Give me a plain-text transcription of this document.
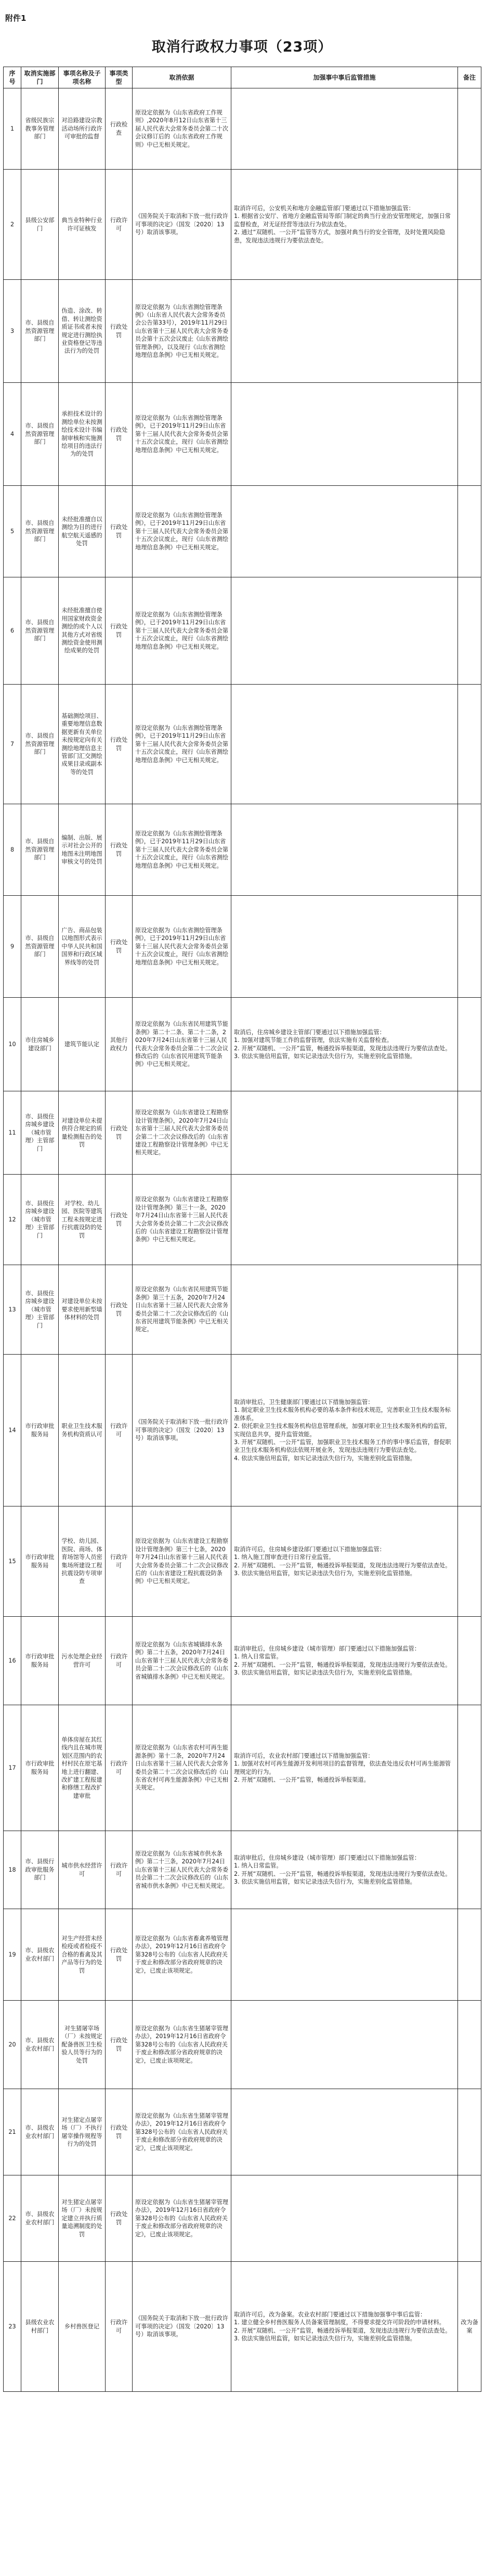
附件1
取消行政权力事项（23项）
序号	取消实施部门	事项名称及子项名称	事项类型	取消依据	加强事中事后监管措施	备注
1	省级民族宗教事务管理部门	对沿路建设宗教活动场所行政许可审批的监督	行政检查	原设定依据为《山东省政府工作规则》,2020年8月12日山东省第十三届人民代表大会常务委员会第二十次会议修订后的《山东省政府工作规则》中已无相关规定。		
2	县级公安部门	典当业特种行业许可证核发	行政许可	《国务院关于取消和下放一批行政许可事项的决定》（国发〔2020〕13号）取消该事项。	取消许可后，公安机关和地方金融监管部门要通过以下措施加强监管：
1. 根据省公安厅、省地方金融监管局等部门制定的典当行业治安管理规定，加强日常监督检查，对无证经营等违法行为依法查处。
2. 通过“双随机、一公开”监管等方式，加强对典当行的安全管理，及时处置风险隐患，发现违法违规行为要依法查处。	
3	市、县级自然资源管理部门	伪造、涂改、转借、转让测绘资质证书或者未按规定进行测绘执业资格登记等违法行为的处罚	行政处罚	原设定依据为《山东省测绘管理条例》（山东省人民代表大会常务委员会公告第33号），2019年11月29日山东省第十三届人民代表大会常务委员会第十五次会议废止《山东省测绘管理条例》，以及现行《山东省测绘地理信息条例》中已无相关规定。		
4	市、县级自然资源管理部门	承担技术设计的测绘单位未按测绘技术设计书编制审核和实施测绘项目的违法行为的处罚	行政处罚	原设定依据为《山东省测绘管理条例》，已于2019年11月29日山东省第十三届人民代表大会常务委员会第十五次会议废止，现行《山东省测绘地理信息条例》中已无相关规定。		
5	市、县级自然资源管理部门	未经批准擅自以测绘为目的进行航空航天遥感的处罚	行政处罚	原设定依据为《山东省测绘管理条例》，已于2019年11月29日山东省第十三届人民代表大会常务委员会第十五次会议废止，现行《山东省测绘地理信息条例》中已无相关规定。		
6	市、县级自然资源管理部门	未经批准擅自使用国家财政资金测绘的或个人以其他方式对省级测绘资金使用测绘成果的处罚	行政处罚	原设定依据为《山东省测绘管理条例》，已于2019年11月29日山东省第十三届人民代表大会常务委员会第十五次会议废止，现行《山东省测绘地理信息条例》中已无相关规定。		
7	市、县级自然资源管理部门	基础测绘项目、重要地理信息数据更新有关单位未按规定向有关测绘地理信息主管部门汇交测绘成果目录或副本等的处罚	行政处罚	原设定依据为《山东省测绘管理条例》，已于2019年11月29日山东省第十三届人民代表大会常务委员会第十五次会议废止，现行《山东省测绘地理信息条例》中已无相关规定。		
8	市、县级自然资源管理部门	编制、出版、展示对社会公开的地图未注明地图审核文号的处罚	行政处罚	原设定依据为《山东省测绘管理条例》，已于2019年11月29日山东省第十三届人民代表大会常务委员会第十五次会议废止，现行《山东省测绘地理信息条例》中已无相关规定。		
9	市、县级自然资源管理部门	广告、商品包装以地图形式表示中华人民共和国国界和行政区域界线等的处罚	行政处罚	原设定依据为《山东省测绘管理条例》，已于2019年11月29日山东省第十三届人民代表大会常务委员会第十五次会议废止，现行《山东省测绘地理信息条例》中已无相关规定。		
10	市住房城乡建设部门	建筑节能认定	其他行政权力	原设定依据为《山东省民用建筑节能条例》第二十二条、第二十二条，2020年7月24日山东省第十三届人民代表大会常务委员会第二十二次会议修改后的《山东省民用建筑节能条例》中已无相关规定。	取消后，住房城乡建设主管部门要通过以下措施加强监管：
1. 加强对建筑节能工作的监督管理，依法实施有关监督检查。
2. 开展“双随机、一公开”监管，畅通投诉举报渠道，发现违法违规行为要依法查处。
3. 依法实施信用监管，如实记录违法失信行为，实施差别化监管措施。	
11	市、县级住房城乡建设（城市管理）主管部门	对建设单位未提供符合规定的质量检测报告的处罚	行政处罚	原设定依据为《山东省建设工程勘察设计管理条例》，2020年7月24日山东省第十三届人民代表大会常务委员会第二十二次会议修改后的《山东省建设工程勘察设计管理条例》中已无相关规定。		
12	市、县级住房城乡建设（城市管理）主管部门	对学校、幼儿园、医院等建筑工程未按规定进行抗震设防的处罚	行政处罚	原设定依据为《山东省建设工程勘察设计管理条例》第三十一条，2020年7月24日山东省第十三届人民代表大会常务委员会第二十二次会议修改后的《山东省建设工程勘察设计管理条例》中已无相关规定。		
13	市、县级住房城乡建设（城市管理）主管部门	对建设单位未按要求使用新型墙体材料的处罚	行政处罚	原设定依据为《山东省民用建筑节能条例》第三十五条，2020年7月24日山东省第十三届人民代表大会常务委员会第二十二次会议修改后的《山东省民用建筑节能条例》中已无相关规定。		
14	市行政审批服务局	职业卫生技术服务机构资质认可	行政许可	《国务院关于取消和下放一批行政许可事项的决定》（国发〔2020〕13号）取消该事项。	取消审批后，卫生健康部门要通过以下措施加强监管：
1. 制定职业卫生技术服务机构必要的基本条件和技术规范，完善职业卫生技术服务标准体系。
2. 依托职业卫生技术服务机构信息管理系统，加强对职业卫生技术服务机构的监管，实现信息共享，提升监管效能。
3. 开展“双随机、一公开”监管，加强职业卫生技术服务工作的事中事后监管，督促职业卫生技术服务机构依法依规开展业务，发现违法违规行为要依法查处。
4. 依法实施信用监管，如实记录违法失信行为，实施差别化监管措施。	
15	市行政审批服务局	学校、幼儿园、医院、商场、体育场馆等人员密集场所建设工程抗震设防专项审查	行政许可	原设定依据为《山东省建设工程勘察设计管理条例》第三十七条，2020年7月24日山东省第十三届人民代表大会常务委员会第二十二次会议修改后的《山东省建设工程抗震设防条例》中已无相关规定。	取消许可后，住房城乡建设部门要通过以下措施加强监管：
1. 纳入施工图审查进行日常行业监管。
2. 开展“双随机、一公开”监管，畅通投诉举报渠道，发现违法违规行为要依法查处。
3. 依法实施信用监管，如实记录违法失信行为，实施差别化监管措施。	
16	市行政审批服务局	污水处理企业经营许可	行政许可	原设定依据为《山东省城镇排水条例》第二十五条，2020年7月24日山东省第十三届人民代表大会常务委员会第二十二次会议修改后的《山东省城镇排水条例》中已无相关规定。	取消审批后，住房城乡建设（城市管理）部门要通过以下措施加强监管：
1. 纳入日常监管。
2. 开展“双随机、一公开”监管，畅通投诉举报渠道，发现违法违规行为要依法查处。
3. 依法实施信用监管，如实记录违法失信行为，实施差别化监管措施。	
17	市行政审批服务局	单体房屋在其红线内且在城市规划区范围内的农村村民在原宅基地上进行翻建、改扩建工程报建和修缮工程改扩建审批	行政许可	原设定依据为《山东省农村可再生能源条例》第十二条，2020年7月24日山东省第十三届人民代表大会常务委员会第二十二次会议修改后的《山东省农村可再生能源条例》中已无相关规定。	取消许可后，农业农村部门要通过以下措施加强监管：
1. 加强对农村可再生能源开发利用项目的监督管理，依法查处违反农村可再生能源管理规定的行为。
2. 开展“双随机、一公开”监管，畅通投诉举报渠道。	
18	市、县级行政审批服务部门	城市供水经营许可	行政许可	原设定依据为《山东省城市供水条例》第二十三条，2020年7月24日山东省第十三届人民代表大会常务委员会第二十二次会议修改后的《山东省城市供水条例》中已无相关规定。	取消审批后，住房城乡建设（城市管理）部门要通过以下措施加强监管：
1. 纳入日常监管。
2. 开展“双随机、一公开”监管，畅通投诉举报渠道，发现违法违规行为要依法查处。
3. 依法实施信用监管，如实记录违法失信行为，实施差别化监管措施。	
19	市、县级农业农村部门	对生产经营未经检疫或者检疫不合格的畜禽及其产品等行为的处罚	行政处罚	原设定依据为《山东省畜禽养殖管理办法》，2019年12月16日省政府令第328号公布的《山东省人民政府关于废止和修改部分省政府规章的决定》，已废止该项规定。		
20	市、县级农业农村部门	对生猪屠宰场（厂）未按规定配备兽医卫生检验人员等行为的处罚	行政处罚	原设定依据为《山东省生猪屠宰管理办法》，2019年12月16日省政府令第328号公布的《山东省人民政府关于废止和修改部分省政府规章的决定》，已废止该项规定。		
21	市、县级农业农村部门	对生猪定点屠宰场（厂）不执行屠宰操作规程等行为的处罚	行政处罚	原设定依据为《山东省生猪屠宰管理办法》，2019年12月16日省政府令第328号公布的《山东省人民政府关于废止和修改部分省政府规章的决定》，已废止该项规定。		
22	市、县级农业农村部门	对生猪定点屠宰场（厂）未按规定建立并执行质量追溯制度的处罚	行政处罚	原设定依据为《山东省生猪屠宰管理办法》，2019年12月16日省政府令第328号公布的《山东省人民政府关于废止和修改部分省政府规章的决定》，已废止该项规定。		
23	县级农业农村部门	乡村兽医登记	行政许可	《国务院关于取消和下放一批行政许可事项的决定》（国发〔2020〕13号）取消该事项。	取消许可后，改为备案。农业农村部门要通过以下措施加强事中事后监管：
1. 建立健全乡村兽医服务人员备案管理制度，不得要求提交许可阶段的申请材料。
2. 开展“双随机、一公开”监管，畅通投诉举报渠道，发现违法违规行为要依法查处。
3. 依法实施信用监管，如实记录违法失信行为，实施差别化监管措施。	改为备案
